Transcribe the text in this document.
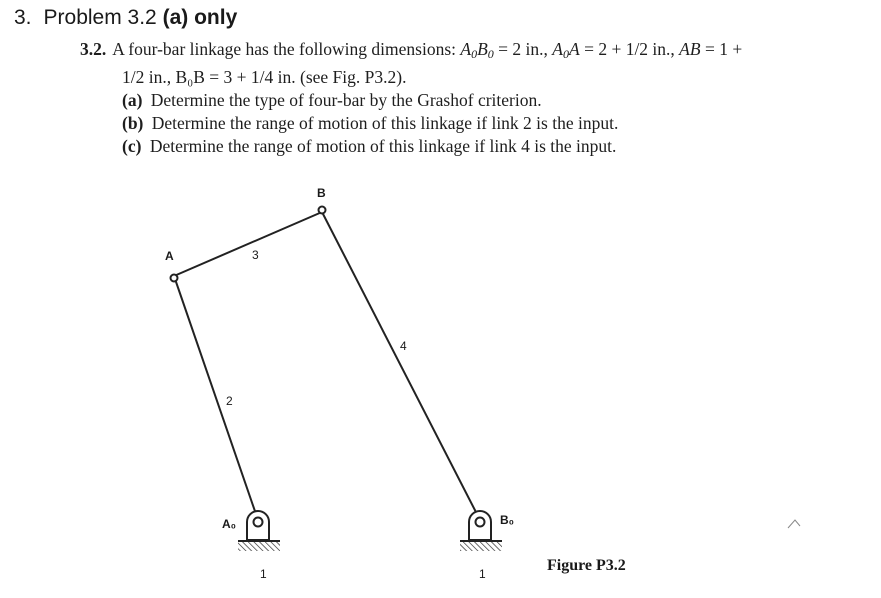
3. Problem 3.2 (a) only
3.2. A four-bar linkage has the following dimensions: $A_0B_0 = 2$ in., $A_0A = 2 + 1/2$ in., AB = 1 +
1/2 in., B₀B = 3 + 1/4 in. (see Fig. P3.2).
(a) Determine the type of four-bar by the Grashof criterion.
(b) Determine the range of motion of this linkage if link 2 is the input.
(c) Determine the range of motion of this linkage if link 4 is the input.
A
B
A₀	B₀
2
3
4
1	1	Figure P3.2
